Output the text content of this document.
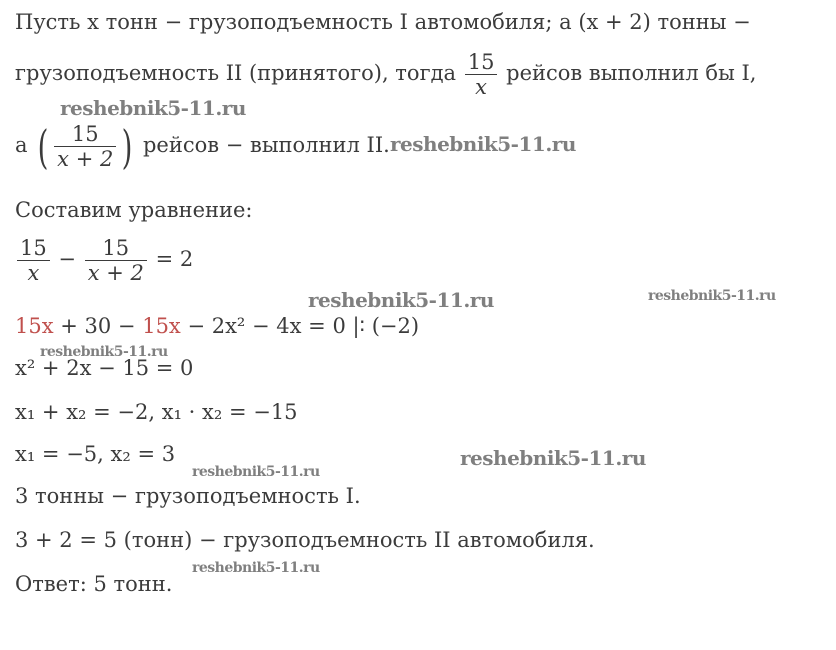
Пусть x тонн − грузоподъемность I автомобиля; а (x + 2) тонны −
грузоподъемность II (принятого), тогда $\frac{15}{x}$ рейсов выполнил бы I,
а ( $\frac{15}{x + 2}$ ) рейсов − выполнил II.
Составим уравнение:
$\frac{15}{x} - \frac{15}{x + 2} = 2$
15x + 30 − 15x − 2x² − 4x = 0 |∶ (−2)
x² + 2x − 15 = 0
x₁ + x₂ = −2, x₁ · x₂ = −15
x₁ = −5, x₂ = 3
3 тонны − грузоподъемность I.
3 + 2 = 5 (тонн) − грузоподъемность II автомобиля.
Ответ: 5 тонн.
reshebnik5-11.ru
reshebnik5-11.ru
reshebnik5-11.ru	reshebnik5-11.ru
reshebnik5-11.ru
reshebnik5-11.ru
reshebnik5-11.ru
reshebnik5-11.ru
